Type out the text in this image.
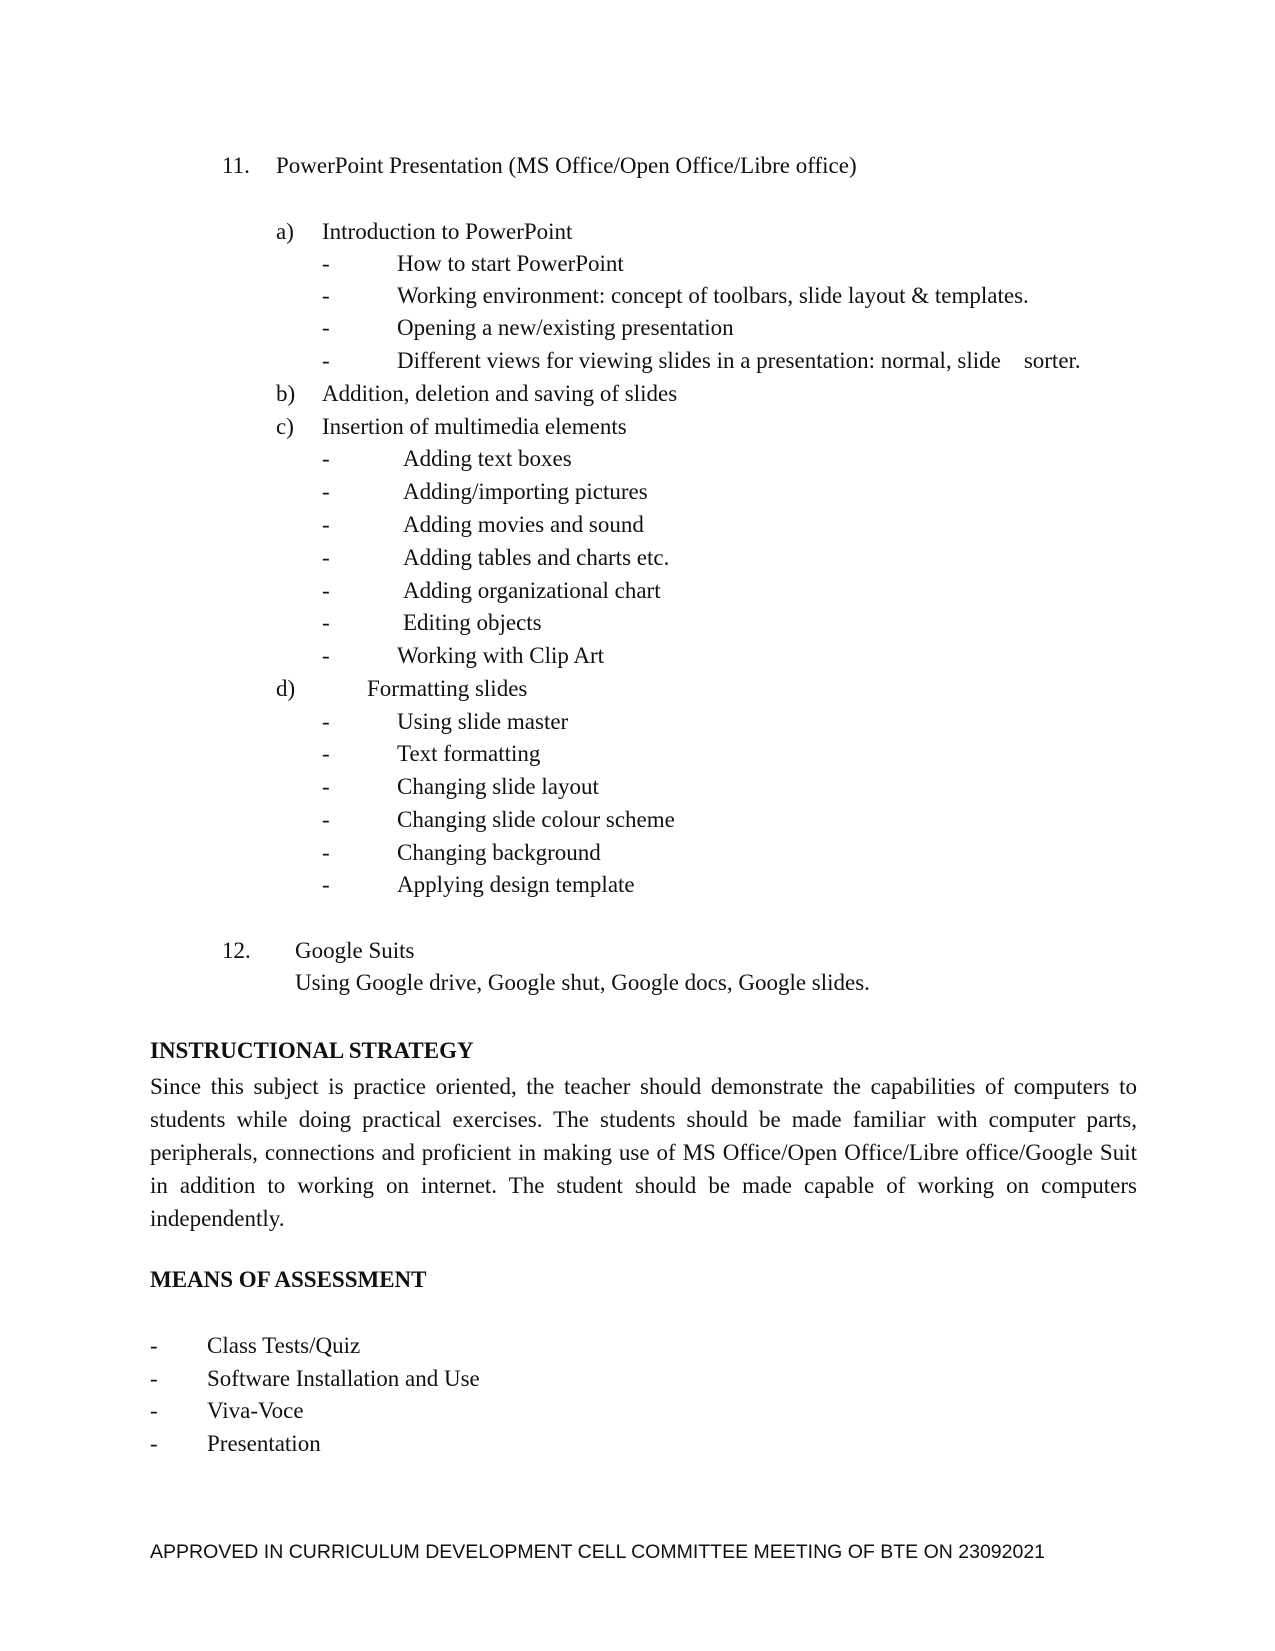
11. PowerPoint Presentation (MS Office/Open Office/Libre office)
a) Introduction to PowerPoint
-	How to start PowerPoint
-	Working environment: concept of toolbars, slide layout & templates.
-	Opening a new/existing presentation
-	Different views for viewing slides in a presentation: normal, slide    sorter.
b) Addition, deletion and saving of slides
c) Insertion of multimedia elements
-	Adding text boxes
-	Adding/importing pictures
-	Adding movies and sound
-	Adding tables and charts etc.
-	Adding organizational chart
-	Editing objects
-	Working with Clip Art
d)	Formatting slides
-	Using slide master
-	Text formatting
-	Changing slide layout
-	Changing slide colour scheme
-	Changing background
-	Applying design template
12. Google Suits
Using Google drive, Google shut, Google docs, Google slides.
INSTRUCTIONAL STRATEGY
Since this subject is practice oriented, the teacher should demonstrate the capabilities of computers to students while doing practical exercises. The students should be made familiar with computer parts, peripherals, connections and proficient in making use of MS Office/Open Office/Libre office/Google Suit in addition to working on internet. The student should be made capable of working on computers independently.
MEANS OF ASSESSMENT
- Class Tests/Quiz
- Software Installation and Use
- Viva-Voce
- Presentation
APPROVED IN CURRICULUM DEVELOPMENT CELL COMMITTEE MEETING OF BTE ON 23092021
